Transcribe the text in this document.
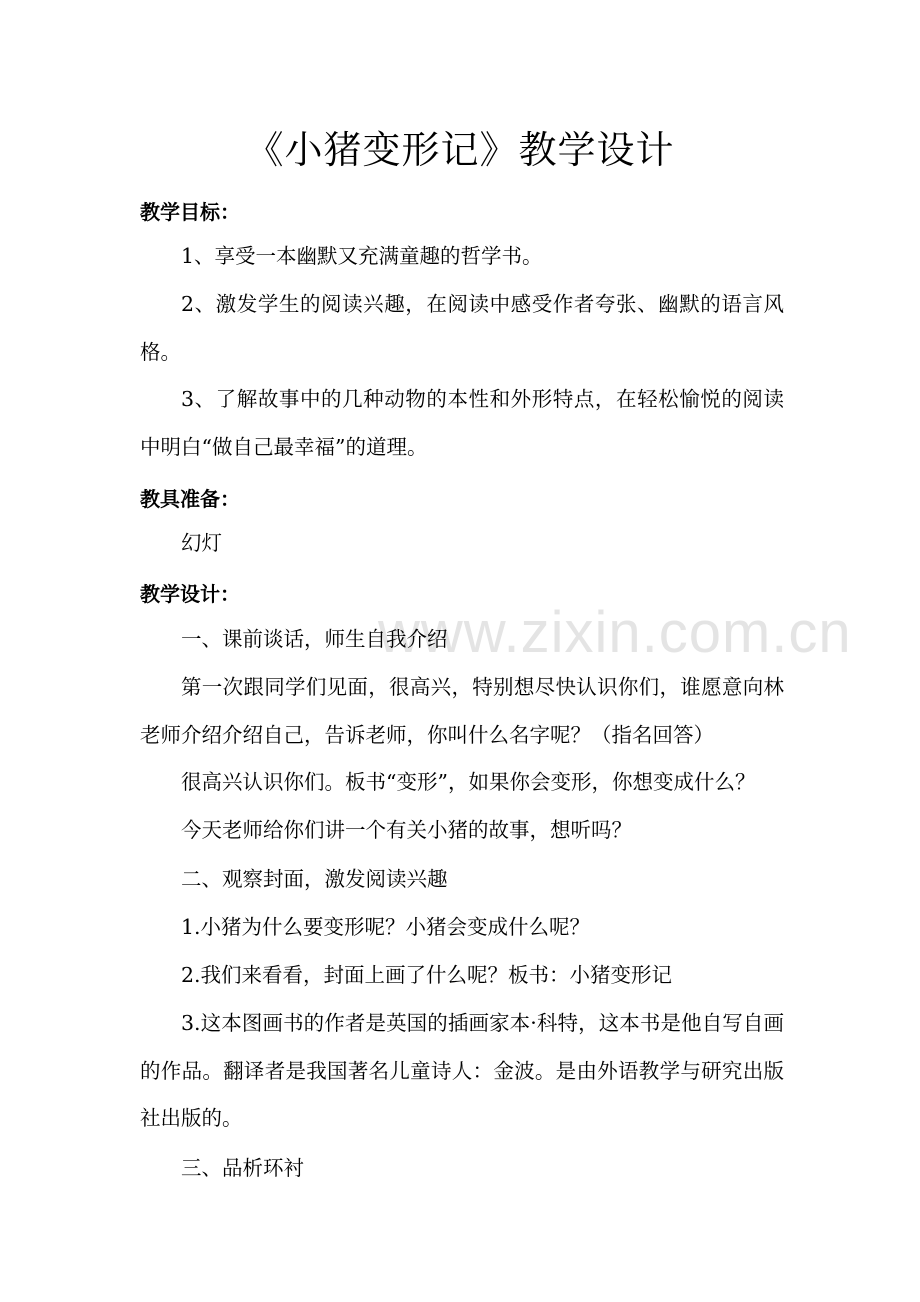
www.zixin.com.cn
《小猪变形记》教学设计
教学目标：

1、享受一本幽默又充满童趣的哲学书。

2、激发学生的阅读兴趣，在阅读中感受作者夸张、幽默的语言风格。

3、了解故事中的几种动物的本性和外形特点，在轻松愉悦的阅读中明白“做自己最幸福”的道理。

教具准备：

幻灯

教学设计：

一、课前谈话，师生自我介绍

第一次跟同学们见面，很高兴，特别想尽快认识你们，谁愿意向林老师介绍介绍自己，告诉老师，你叫什么名字呢？（指名回答）

很高兴认识你们。板书“变形”，如果你会变形，你想变成什么？

今天老师给你们讲一个有关小猪的故事，想听吗？

二、观察封面，激发阅读兴趣

1.小猪为什么要变形呢？小猪会变成什么呢？

2.我们来看看，封面上画了什么呢？板书：小猪变形记

3.这本图画书的作者是英国的插画家本·科特，这本书是他自写自画的作品。翻译者是我国著名儿童诗人：金波。是由外语教学与研究出版社出版的。

三、品析环衬
